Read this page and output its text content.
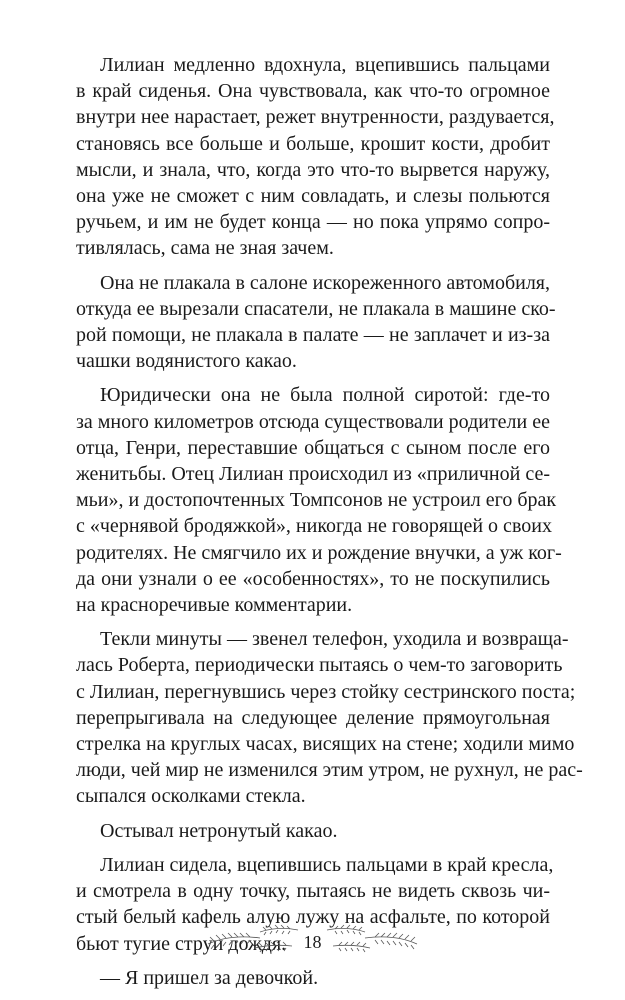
Лилиан медленно вдохнула, вцепившись пальцами
в край сиденья. Она чувствовала, как что-то огромное
внутри нее нарастает, режет внутренности, раздувается,
становясь все больше и больше, крошит кости, дробит
мысли, и знала, что, когда это что-то вырвется наружу,
она уже не сможет с ним совладать, и слезы польются
ручьем, и им не будет конца — но пока упрямо сопро-
тивлялась, сама не зная зачем.
Она не плакала в салоне искореженного автомобиля,
откуда ее вырезали спасатели, не плакала в машине ско-
рой помощи, не плакала в палате — не заплачет и из-за
чашки водянистого какао.
Юридически она не была полной сиротой: где-то
за много километров отсюда существовали родители ее
отца, Генри, переставшие общаться с сыном после его
женитьбы. Отец Лилиан происходил из «приличной се-
мьи», и достопочтенных Томпсонов не устроил его брак
с «чернявой бродяжкой», никогда не говорящей о своих
родителях. Не смягчило их и рождение внучки, а уж ког-
да они узнали о ее «особенностях», то не поскупились
на красноречивые комментарии.
Текли минуты — звенел телефон, уходила и возвраща-
лась Роберта, периодически пытаясь о чем-то заговорить
с Лилиан, перегнувшись через стойку сестринского поста;
перепрыгивала на следующее деление прямоугольная
стрелка на круглых часах, висящих на стене; ходили мимо
люди, чей мир не изменился этим утром, не рухнул, не рас-
сыпался осколками стекла.
Остывал нетронутый какао.
Лилиан сидела, вцепившись пальцами в край кресла,
и смотрела в одну точку, пытаясь не видеть сквозь чи-
стый белый кафель алую лужу на асфальте, по которой
бьют тугие струи дождя.
— Я пришел за девочкой.
18
